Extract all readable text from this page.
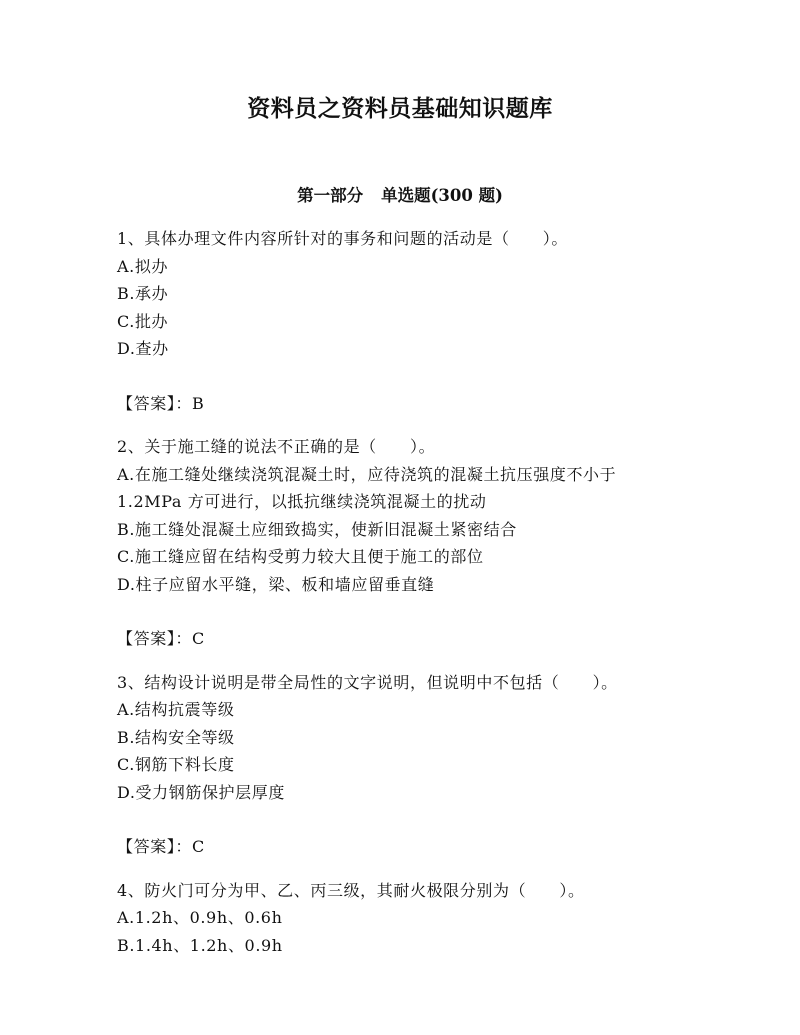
资料员之资料员基础知识题库
第一部分 单选题(300 题)
1、具体办理文件内容所针对的事务和问题的活动是（　　）。
A.拟办
B.承办
C.批办
D.查办
【答案】：B
2、关于施工缝的说法不正确的是（　　）。
A.在施工缝处继续浇筑混凝土时，应待浇筑的混凝土抗压强度不小于
1.2MPa 方可进行，以抵抗继续浇筑混凝土的扰动
B.施工缝处混凝土应细致捣实，使新旧混凝土紧密结合
C.施工缝应留在结构受剪力较大且便于施工的部位
D.柱子应留水平缝，梁、板和墙应留垂直缝
【答案】：C
3、结构设计说明是带全局性的文字说明，但说明中不包括（　　）。
A.结构抗震等级
B.结构安全等级
C.钢筋下料长度
D.受力钢筋保护层厚度
【答案】：C
4、防火门可分为甲、乙、丙三级，其耐火极限分别为（　　）。
A.1.2h、0.9h、0.6h
B.1.4h、1.2h、0.9h
